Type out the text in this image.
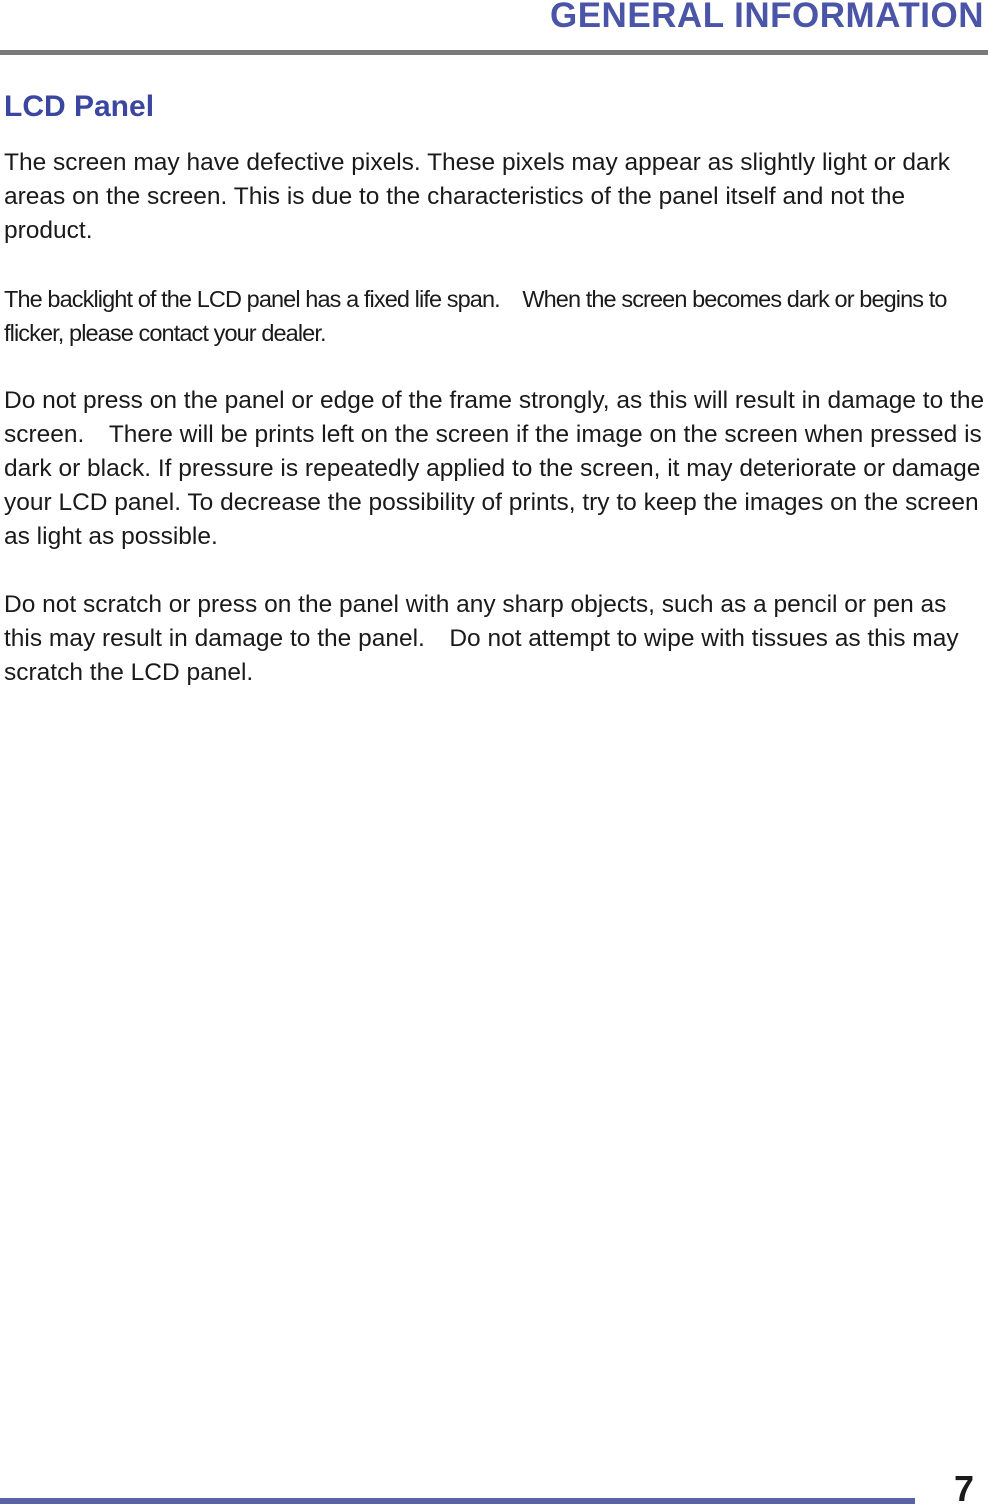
GENERAL INFORMATION
LCD Panel

The screen may have defective pixels. These pixels may appear as slightly light or dark areas on the screen. This is due to the characteristics of the panel itself and not the product.

The backlight of the LCD panel has a fixed life span.　When the screen becomes dark or begins to flicker, please contact your dealer.

Do not press on the panel or edge of the frame strongly, as this will result in damage to the screen.　There will be prints left on the screen if the image on the screen when pressed is dark or black. If pressure is repeatedly applied to the screen, it may deteriorate or damage your LCD panel. To decrease the possibility of prints, try to keep the images on the screen as light as possible.

Do not scratch or press on the panel with any sharp objects, such as a pencil or pen as this may result in damage to the panel.　Do not attempt to wipe with tissues as this may scratch the LCD panel.

7
